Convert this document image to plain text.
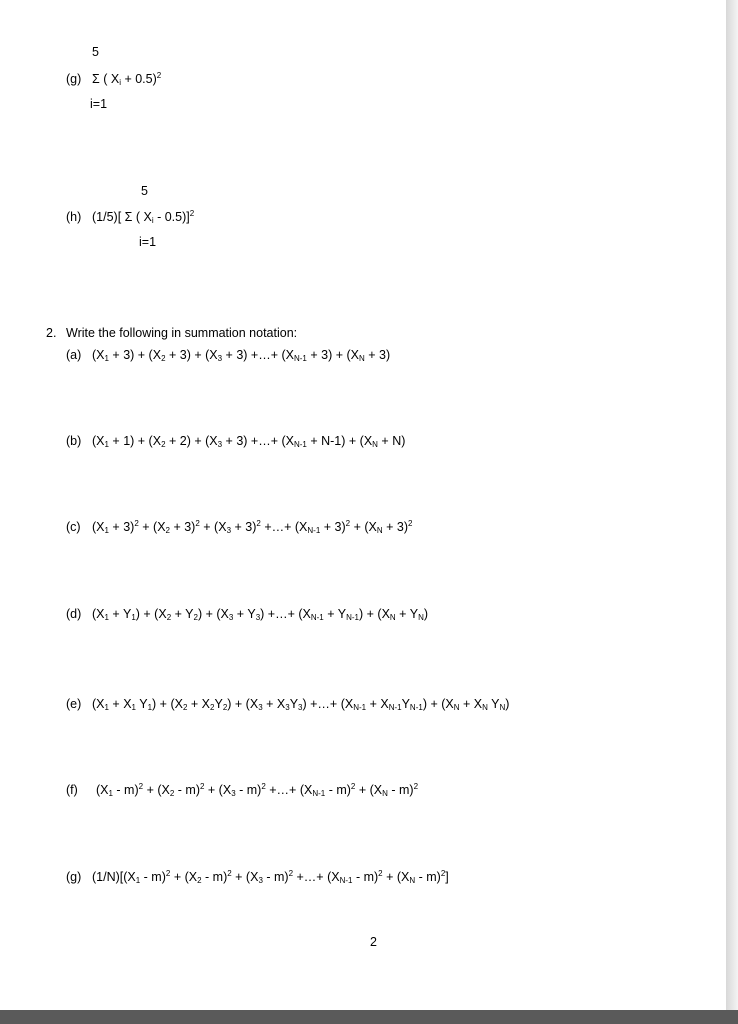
5
(g) Σ ( $X_i + 0.5)^2$
i=1
5
(h) (1/5)[ Σ ( $X_i - 0.5)]^2$
i=1
2. Write the following in summation notation:
(a) $(X_1 + 3) + (X_2 + 3) + (X_3 + 3)$ +…+ $(X_{N-1} + 3) + (X_N + 3)$
(b) $(X_1 + 1) + (X_2 + 2) + (X_3 + 3)$ +…+ $(X_{N-1} + N-1) + (X_N + N)$
(c) $(X_1 + 3)^2 + (X_2 + 3)^2 + (X_3 + 3)^2$ +…+ $(X_{N-1} + 3)^2 + (X_N + 3)^2$
(d) $(X_1 + Y_1) + (X_2 + Y_2) + (X_3 + Y_3)$ +…+ $(X_{N-1} + Y_{N-1}) + (X_N + Y_N)$
(e) ($X_1 + X_1$ $Y_1) + (X_2 + X_2Y_2) + (X_3 + X_3Y_3)$ +…+ $(X_{N-1} + X_{N-1}Y_{N-1}) + (X_N + X_N$ $Y_N$)
(f) $(X_1 - m)^2 + (X_2 - m)^2 + (X_3 - m)^2$ +…+ $(X_{N-1} - m)^2 + (X_N - m)^2$
(g) $(1/N)[(X_1 - m)^2 + (X_2 - m)^2 + (X_3 - m)^2$ +…+ $(X_{N-1} - m)^2 + (X_N - m)^2$]
2
